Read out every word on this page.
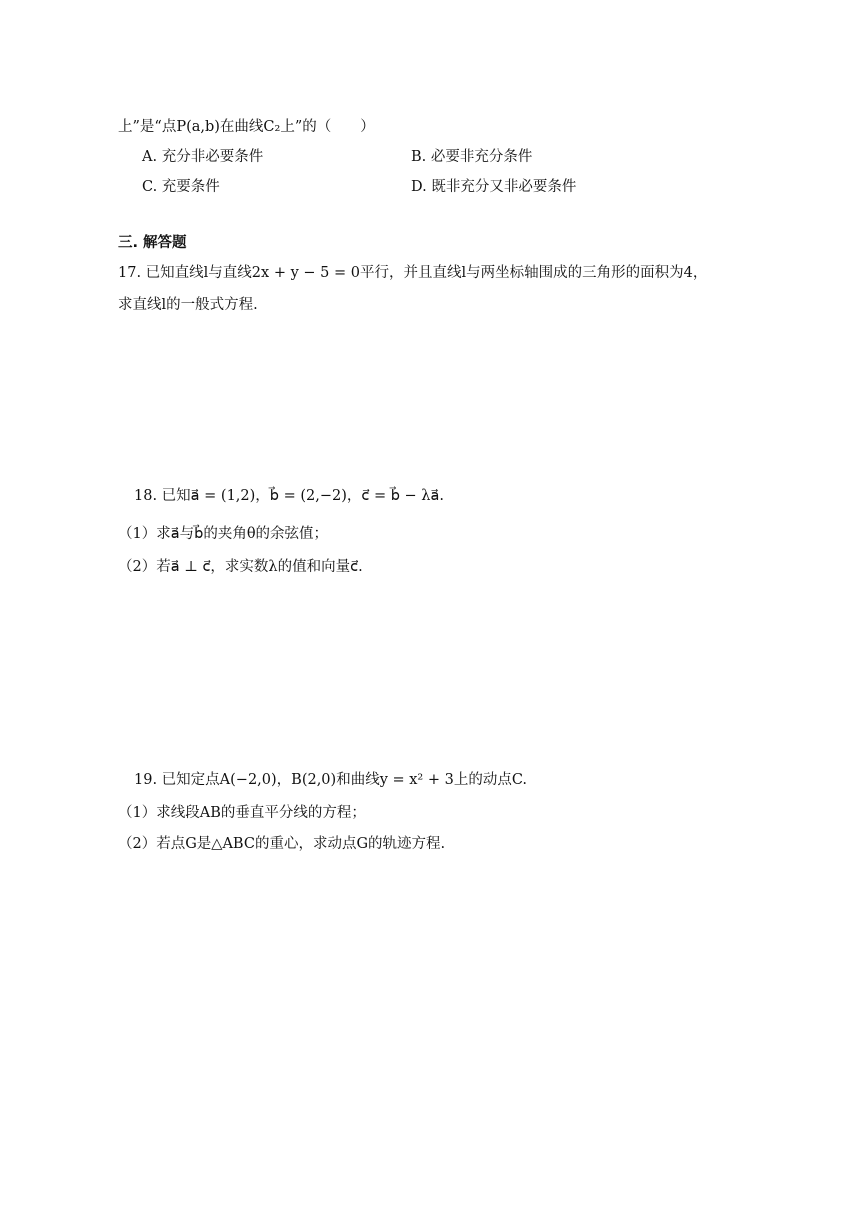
上”是“点P(a,b)在曲线C₂上”的（　　）
A. 充分非必要条件	B. 必要非充分条件
C. 充要条件	D. 既非充分又非必要条件
三. 解答题
17. 已知直线l与直线2x + y − 5 = 0平行，并且直线l与两坐标轴围成的三角形的面积为4，
求直线l的一般式方程.
18. 已知a⃗ = (1,2)，b⃗ = (2,−2)，c⃗ = b⃗ − λa⃗.
（1）求a⃗与b⃗的夹角θ的余弦值；
（2）若a⃗ ⊥ c⃗，求实数λ的值和向量c⃗.
19. 已知定点A(−2,0)，B(2,0)和曲线y = x² + 3上的动点C.
（1）求线段AB的垂直平分线的方程；
（2）若点G是△ABC的重心，求动点G的轨迹方程.
